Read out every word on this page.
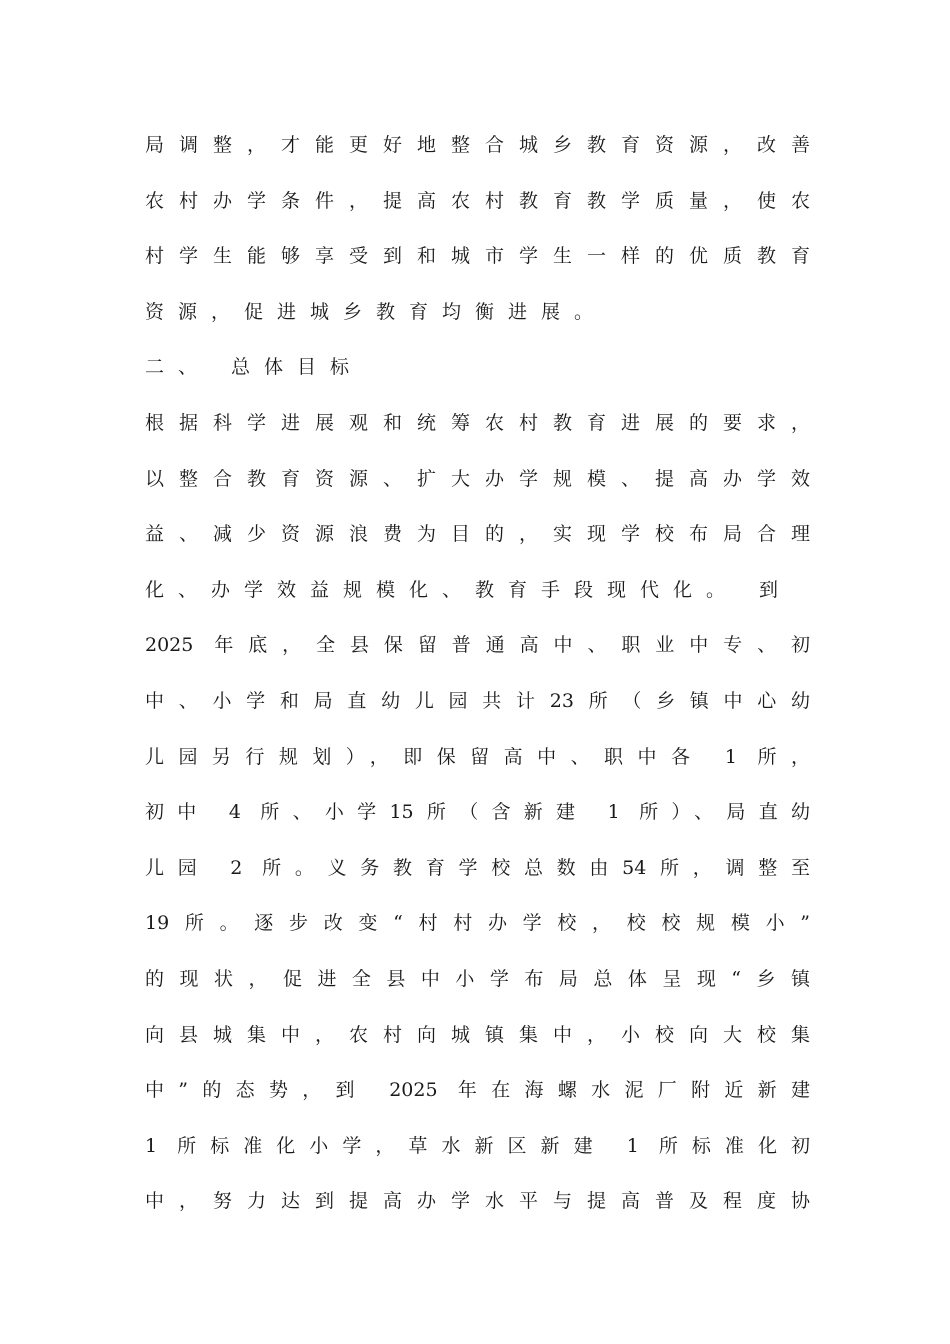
局调整，才能更好地整合城乡教育资源，改善
农村办学条件，提高农村教育教学质量，使农
村学生能够享受到和城市学生一样的优质教育
资源，促进城乡教育均衡进展。
二、 总体目标
根据科学进展观和统筹农村教育进展的要求，
以整合教育资源、扩大办学规模、提高办学效
益、减少资源浪费为目的，实现学校布局合理
化、办学效益规模化、教育手段现代化。 到
2025 年底，全县保留普通高中、职业中专、初
中、小学和局直幼儿园共计23所（乡镇中心幼
儿园另行规划），即保留高中、职中各 1 所，
初中 4 所、小学15所（含新建 1 所）、局直幼
儿园 2 所。义务教育学校总数由54所，调整至
19所。逐步改变“村村办学校，校校规模小”
的现状，促进全县中小学布局总体呈现“乡镇
向县城集中，农村向城镇集中，小校向大校集
中”的态势，到 2025 年在海螺水泥厂附近新建
1 所标准化小学，草水新区新建 1 所标准化初
中，努力达到提高办学水平与提高普及程度协
